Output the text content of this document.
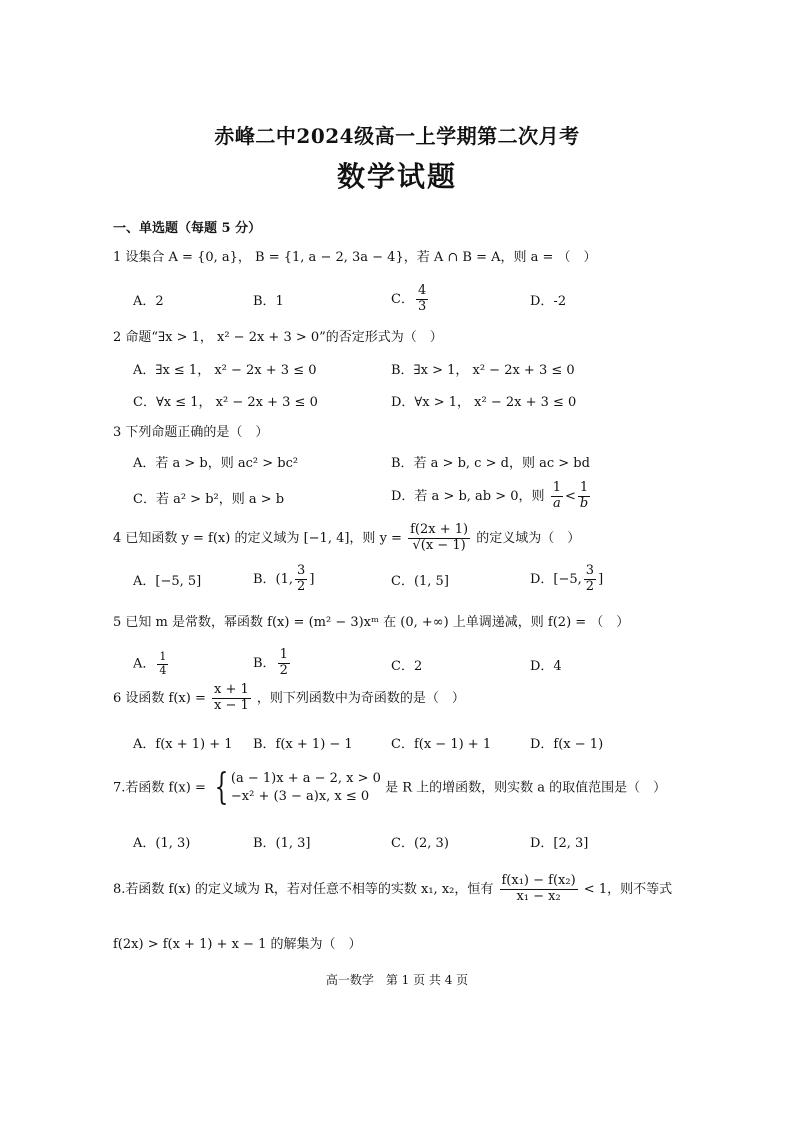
赤峰二中2024级高一上学期第二次月考
数学试题
一、单选题（每题 5 分）
1 设集合 A = {0, a}， B = {1, a − 2, 3a − 4}，若 A ∩ B = A，则 a = （　）
A．2	B．1	C． $\frac{4}{3}$	D．-2
2 命题“∃x > 1， x² − 2x + 3 > 0”的否定形式为（　）
A．∃x ≤ 1， x² − 2x + 3 ≤ 0	B．∃x > 1， x² − 2x + 3 ≤ 0
C．∀x ≤ 1， x² − 2x + 3 ≤ 0	D．∀x > 1， x² − 2x + 3 ≤ 0
3 下列命题正确的是（　）
A．若 a > b，则 ac² > bc²	B．若 a > b, c > d，则 ac > bd
C．若 a² > b²，则 a > b	D．若 a > b, ab > 0，则 $\frac{1}{a} < \frac{1}{b}$
4 已知函数 y = f(x) 的定义域为 [−1, 4]，则 $y = \frac{f(2x + 1)}{√(x - 1)}$ 的定义域为（　）
A．[−5, 5]	B．(1, $\frac{3}{2}$ ]	C．(1, 5]	D．[−5, $\frac{3}{2}$ ]
5 已知 m 是常数，幂函数 f(x) = (m² − 3)xᵐ 在 (0, +∞) 上单调递减，则 f(2) = （　）
A． $\frac{1}{4}$	B． $\frac{1}{2}$	C．2	D．4
6 设函数 $f(x) = \frac{x + 1}{x - 1}$ ，则下列函数中为奇函数的是（　）
A．f(x + 1) + 1 B．f(x + 1) − 1	C．f(x − 1) + 1	D．f(x − 1)
7.若函数 f(x) = { (a − 1)x + a − 2, x > 0
−x² + (3 − a)x, x ≤ 0
是 R 上的增函数，则实数 a 的取值范围是（　）
A．(1, 3)	B．(1, 3]	C．(2, 3)	D．[2, 3]
8.若函数 f(x) 的定义域为 R，若对任意不相等的实数 x₁, x₂，恒有 $\frac{\text{f(x₁) − f(x₂)}}{\text{x₁ − x₂}} < 1$，则不等式
f(2x) > f(x + 1) + x − 1 的解集为（　）
高一数学　第 1 页 共 4 页
